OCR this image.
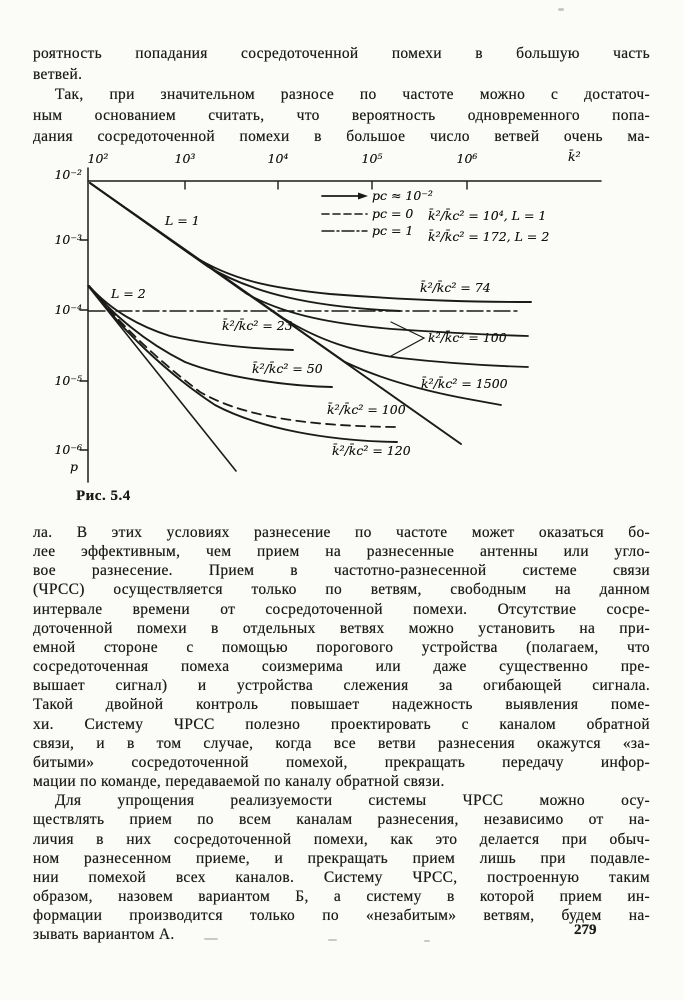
роятность попадания сосредоточенной помехи в большую часть
ветвей.
Так, при значительном разносе по частоте можно с достаточ-
ным основанием считать, что вероятность одновременного попа-
дания сосредоточенной помехи в большое число ветвей очень ма-
10²	10³	10⁴	10⁵	10⁶	k̄²
10⁻²
10⁻³
10⁻⁴
10⁻⁵
10⁻⁶
p
pс ≈ 10⁻²
pс = 0
pс = 1
k̄²/k̄с² = 10⁴, L = 1
k̄²/k̄с² = 172, L = 2
L = 1
L = 2	k̄²/k̄с² = 74
k̄²/k̄с² = 23
k̄²/k̄с² = 100
k̄²/k̄с² = 50
k̄²/k̄с² = 1500
k̄²/k̄с² = 100
k̄²/k̄с² = 120
Рис. 5.4
ла. В этих условиях разнесение по частоте может оказаться бо-
лее эффективным, чем прием на разнесенные антенны или угло-
вое разнесение. Прием в частотно-разнесенной системе связи
(ЧРСС) осуществляется только по ветвям, свободным на данном
интервале времени от сосредоточенной помехи. Отсутствие сосре-
доточенной помехи в отдельных ветвях можно установить на при-
емной стороне с помощью порогового устройства (полагаем, что
сосредоточенная помеха соизмерима или даже существенно пре-
вышает сигнал) и устройства слежения за огибающей сигнала.
Такой двойной контроль повышает надежность выявления поме-
хи. Систему ЧРСС полезно проектировать с каналом обратной
связи, и в том случае, когда все ветви разнесения окажутся «за-
битыми» сосредоточенной помехой, прекращать передачу инфор-
мации по команде, передаваемой по каналу обратной связи.
Для упрощения реализуемости системы ЧРСС можно осу-
ществлять прием по всем каналам разнесения, независимо от на-
личия в них сосредоточенной помехи, как это делается при обыч-
ном разнесенном приеме, и прекращать прием лишь при подавле-
нии помехой всех каналов. Систему ЧРСС, построенную таким
образом, назовем вариантом Б, а систему в которой прием ин-
формации производится только по «незабитым» ветвям, будем на-
зывать вариантом А.	279
